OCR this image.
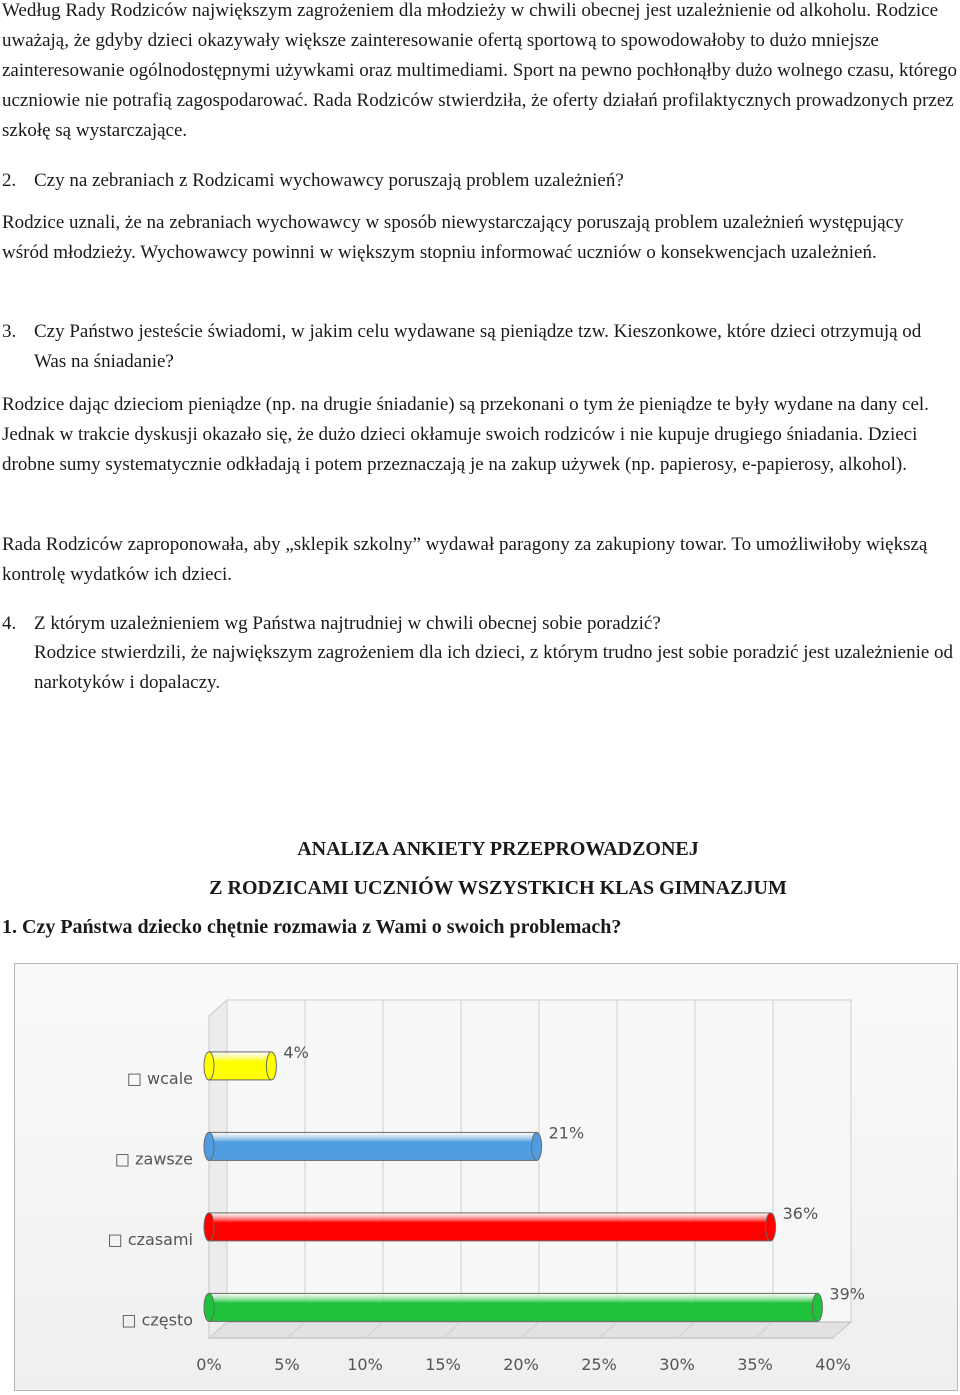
Według Rady Rodziców największym zagrożeniem dla młodzieży w chwili obecnej jest uzależnienie od alkoholu. Rodzice uważają, że gdyby dzieci okazywały większe zainteresowanie ofertą sportową to spowodowałoby to dużo mniejsze zainteresowanie ogólnodostępnymi używkami oraz multimediami. Sport na pewno pochłonąłby dużo wolnego czasu, którego uczniowie nie potrafią zagospodarować. Rada Rodziców stwierdziła, że oferty działań profilaktycznych prowadzonych przez szkołę są wystarczające.

2. Czy na zebraniach z Rodzicami wychowawcy poruszają problem uzależnień?

Rodzice uznali, że na zebraniach wychowawcy w sposób niewystarczający poruszają problem uzależnień występujący wśród młodzieży. Wychowawcy powinni w większym stopniu informować uczniów o konsekwencjach uzależnień.

3. Czy Państwo jesteście świadomi, w jakim celu wydawane są pieniądze tzw. Kieszonkowe, które dzieci otrzymują od Was na śniadanie?

Rodzice dając dzieciom pieniądze (np. na drugie śniadanie) są przekonani o tym że pieniądze te były wydane na dany cel. Jednak w trakcie dyskusji okazało się, że dużo dzieci okłamuje swoich rodziców i nie kupuje drugiego śniadania. Dzieci drobne sumy systematycznie odkładają i potem przeznaczają je na zakup używek (np. papierosy, e-papierosy, alkohol).

Rada Rodziców zaproponowała, aby „sklepik szkolny” wydawał paragony za zakupiony towar. To umożliwiłoby większą kontrolę wydatków ich dzieci.

4. Z którym uzależnieniem wg Państwa najtrudniej w chwili obecnej sobie poradzić?

Rodzice stwierdzili, że największym zagrożeniem dla ich dzieci, z którym trudno jest sobie poradzić jest uzależnienie od narkotyków i dopalaczy.

ANALIZA ANKIETY PRZEPROWADZONEJ
Z RODZICAMI UCZNIÓW WSZYSTKICH KLAS GIMNAZJUM
1. Czy Państwa dziecko chętnie rozmawia z Wami o swoich problemach?
0%	5%	10%	15%	20%	25%	30%	35%	40%
4%
□ wcale
21%
□ zawsze
36%
□ czasami
39%
□ często
